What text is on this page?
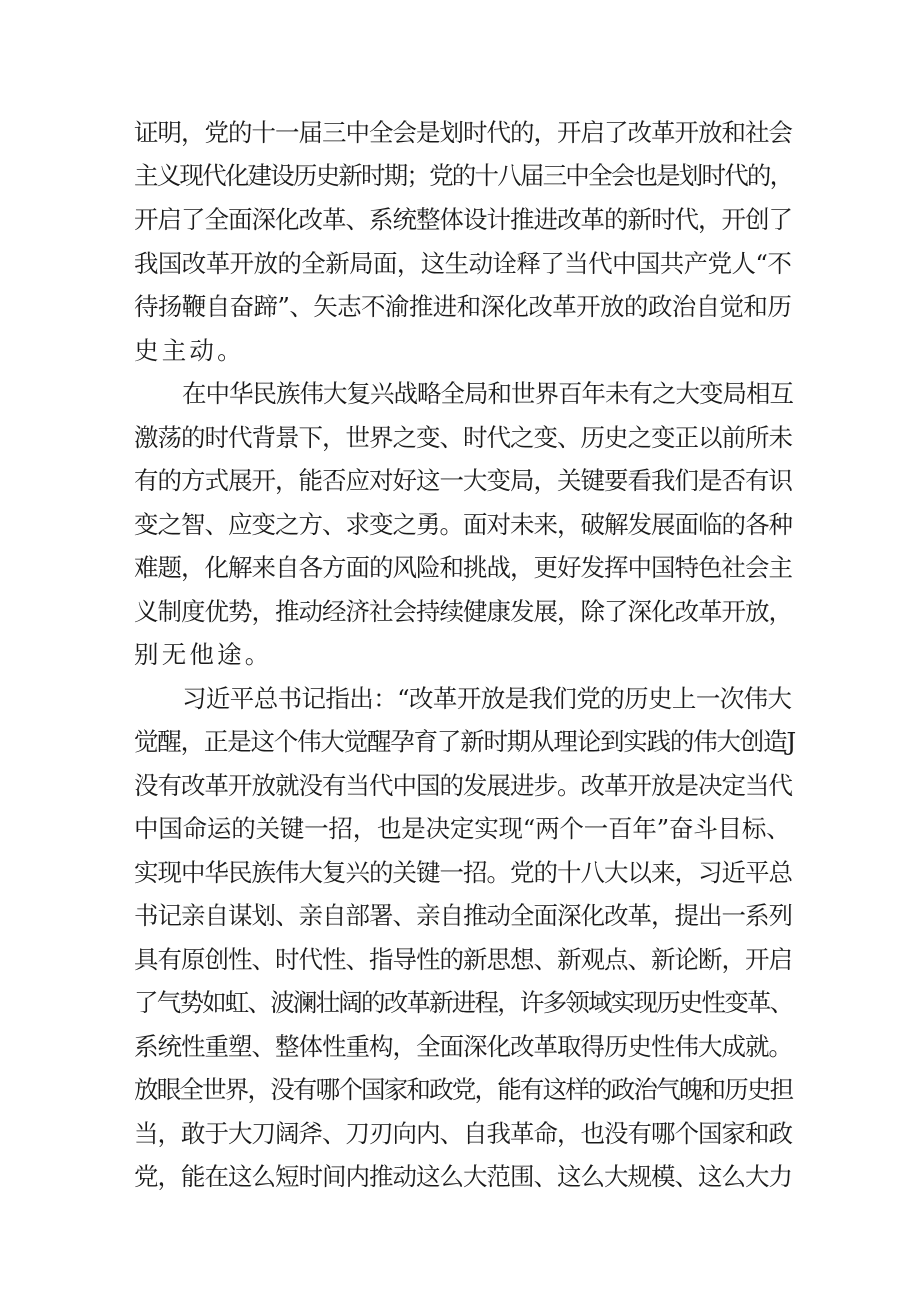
证明，党的十一届三中全会是划时代的，开启了改革开放和社会
主义现代化建设历史新时期；党的十八届三中全会也是划时代的，
开启了全面深化改革、系统整体设计推进改革的新时代，开创了
我国改革开放的全新局面，这生动诠释了当代中国共产党人“不
待扬鞭自奋蹄”、矢志不渝推进和深化改革开放的政治自觉和历
史主动。
在中华民族伟大复兴战略全局和世界百年未有之大变局相互
激荡的时代背景下，世界之变、时代之变、历史之变正以前所未
有的方式展开，能否应对好这一大变局，关键要看我们是否有识
变之智、应变之方、求变之勇。面对未来，破解发展面临的各种
难题，化解来自各方面的风险和挑战，更好发挥中国特色社会主
义制度优势，推动经济社会持续健康发展，除了深化改革开放，
别无他途。
习近平总书记指出：“改革开放是我们党的历史上一次伟大
觉醒，正是这个伟大觉醒孕育了新时期从理论到实践的伟大创造J
没有改革开放就没有当代中国的发展进步。改革开放是决定当代
中国命运的关键一招，也是决定实现“两个一百年”奋斗目标、
实现中华民族伟大复兴的关键一招。党的十八大以来，习近平总
书记亲自谋划、亲自部署、亲自推动全面深化改革，提出一系列
具有原创性、时代性、指导性的新思想、新观点、新论断，开启
了气势如虹、波澜壮阔的改革新进程，许多领域实现历史性变革、
系统性重塑、整体性重构，全面深化改革取得历史性伟大成就。
放眼全世界，没有哪个国家和政党，能有这样的政治气魄和历史担
当，敢于大刀阔斧、刀刃向内、自我革命，也没有哪个国家和政
党，能在这么短时间内推动这么大范围、这么大规模、这么大力
